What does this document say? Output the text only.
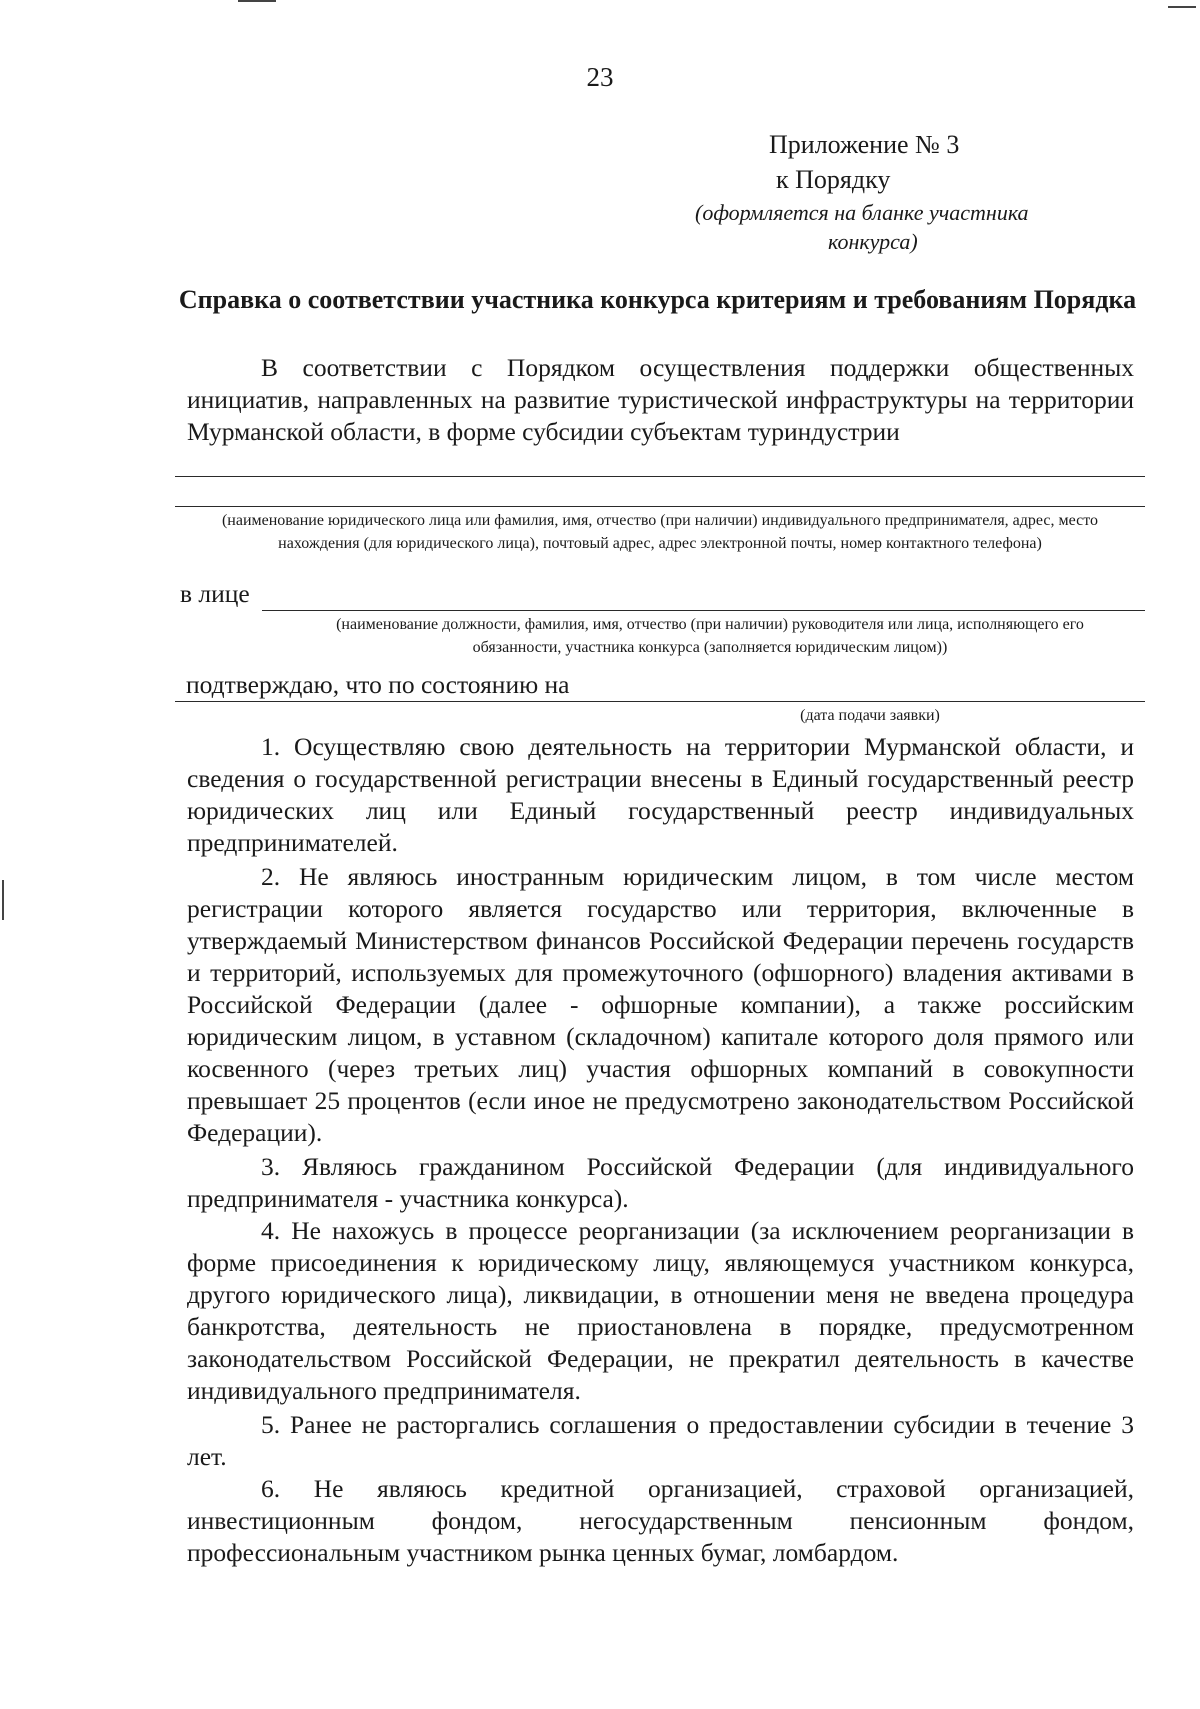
23
Приложение № 3
к Порядку
(оформляется на бланке участника
конкурса)
Справка о соответствии участника конкурса критериям и требованиям Порядка
В соответствии с Порядком осуществления поддержки общественных инициатив, направленных на развитие туристической инфраструктуры на территории Мурманской области, в форме субсидии субъектам туриндустрии
(наименование юридического лица или фамилия, имя, отчество (при наличии) индивидуального предпринимателя, адрес, место нахождения (для юридического лица), почтовый адрес, адрес электронной почты, номер контактного телефона)
в лице
(наименование должности, фамилия, имя, отчество (при наличии) руководителя или лица, исполняющего его обязанности, участника конкурса (заполняется юридическим лицом))
подтверждаю, что по состоянию на
(дата подачи заявки)
1. Осуществляю свою деятельность на территории Мурманской области, и сведения о государственной регистрации внесены в Единый государственный реестр юридических лиц или Единый государственный реестр индивидуальных предпринимателей.
2. Не являюсь иностранным юридическим лицом, в том числе местом регистрации которого является государство или территория, включенные в утверждаемый Министерством финансов Российской Федерации перечень государств и территорий, используемых для промежуточного (офшорного) владения активами в Российской Федерации (далее - офшорные компании), а также российским юридическим лицом, в уставном (складочном) капитале которого доля прямого или косвенного (через третьих лиц) участия офшорных компаний в совокупности превышает 25 процентов (если иное не предусмотрено законодательством Российской Федерации).
3. Являюсь гражданином Российской Федерации (для индивидуального предпринимателя - участника конкурса).
4. Не нахожусь в процессе реорганизации (за исключением реорганизации в форме присоединения к юридическому лицу, являющемуся участником конкурса, другого юридического лица), ликвидации, в отношении меня не введена процедура банкротства, деятельность не приостановлена в порядке, предусмотренном законодательством Российской Федерации, не прекратил деятельность в качестве индивидуального предпринимателя.
5. Ранее не расторгались соглашения о предоставлении субсидии в течение 3 лет.
6. Не являюсь кредитной организацией, страховой организацией, инвестиционным фондом, негосударственным пенсионным фондом, профессиональным участником рынка ценных бумаг, ломбардом.
